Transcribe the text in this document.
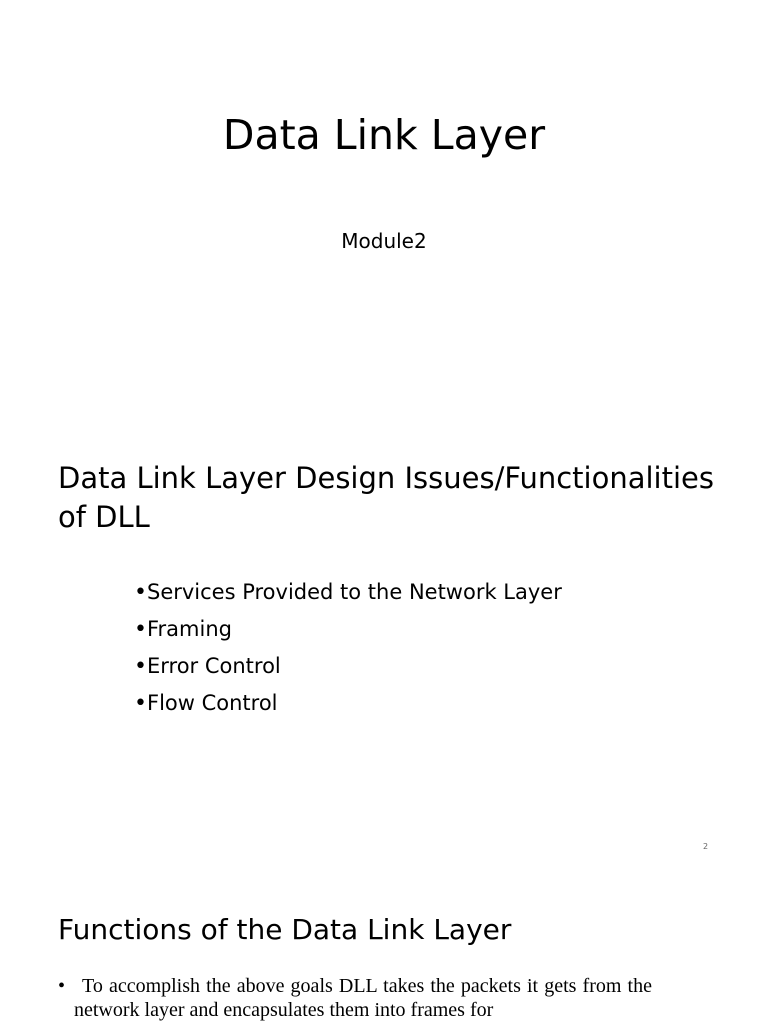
Data Link Layer
Module2
Data Link Layer Design Issues/Functionalities of DLL
•Services Provided to the Network Layer
•Framing
•Error Control
•Flow Control
2
Functions of the Data Link Layer
• To accomplish the above goals DLL takes the packets it gets from the network layer and encapsulates them into frames for
